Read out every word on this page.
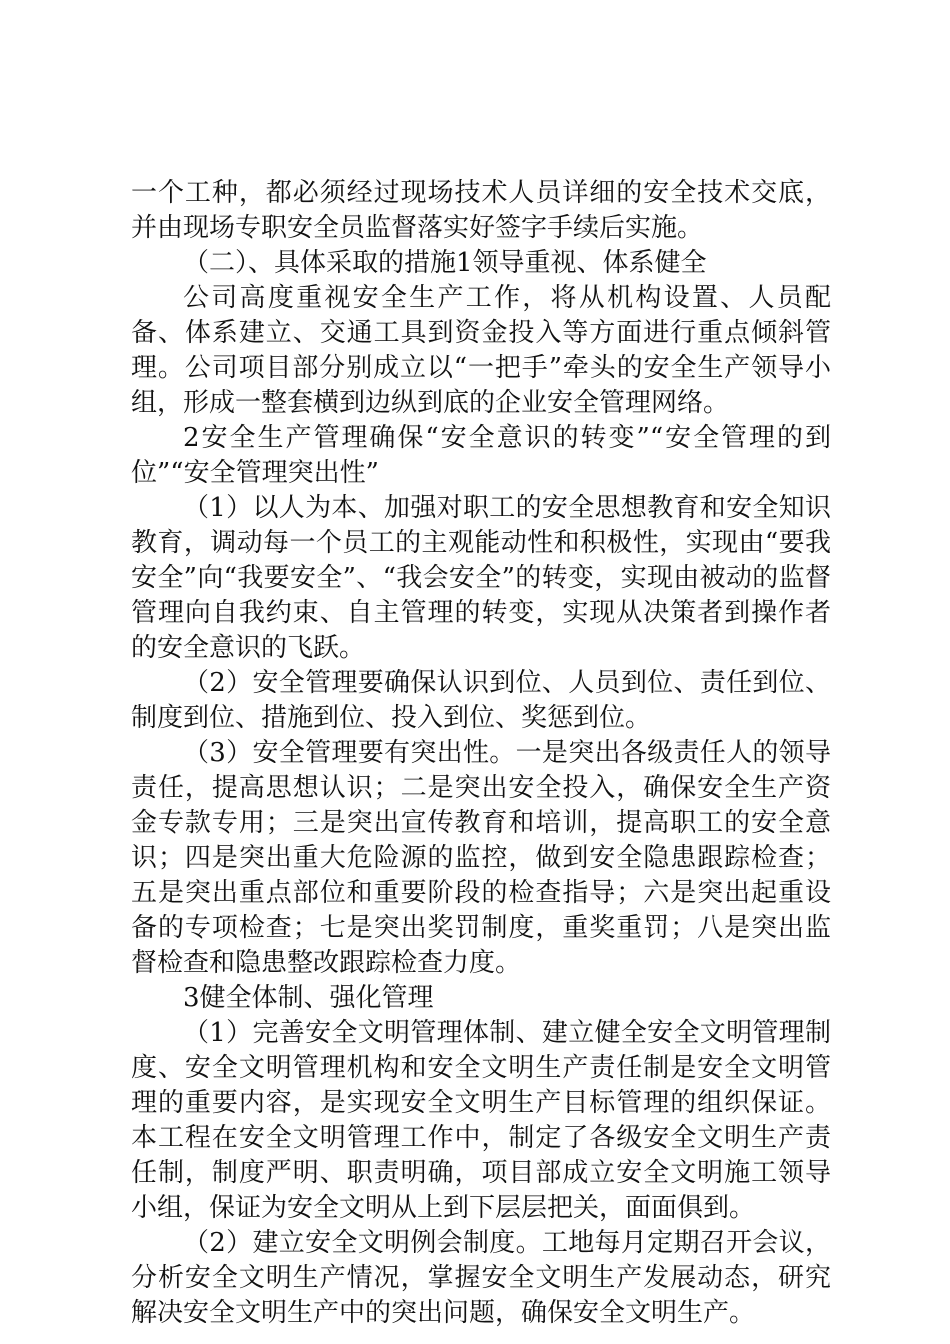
一个工种，都必须经过现场技术人员详细的安全技术交底，并由现场专职安全员监督落实好签字手续后实施。

（二）、具体采取的措施1领导重视、体系健全

公司高度重视安全生产工作，将从机构设置、人员配备、体系建立、交通工具到资金投入等方面进行重点倾斜管理。公司项目部分别成立以“一把手”牵头的安全生产领导小组，形成一整套横到边纵到底的企业安全管理网络。

2安全生产管理确保“安全意识的转变”“安全管理的到位”“安全管理突出性”

（1）以人为本、加强对职工的安全思想教育和安全知识教育，调动每一个员工的主观能动性和积极性，实现由“要我安全”向“我要安全”、“我会安全”的转变，实现由被动的监督管理向自我约束、自主管理的转变，实现从决策者到操作者的安全意识的飞跃。

（2）安全管理要确保认识到位、人员到位、责任到位、制度到位、措施到位、投入到位、奖惩到位。

（3）安全管理要有突出性。一是突出各级责任人的领导责任，提高思想认识；二是突出安全投入，确保安全生产资金专款专用；三是突出宣传教育和培训，提高职工的安全意识；四是突出重大危险源的监控，做到安全隐患跟踪检查；五是突出重点部位和重要阶段的检查指导；六是突出起重设备的专项检查；七是突出奖罚制度，重奖重罚；八是突出监督检查和隐患整改跟踪检查力度。

3健全体制、强化管理

（1）完善安全文明管理体制、建立健全安全文明管理制度、安全文明管理机构和安全文明生产责任制是安全文明管理的重要内容，是实现安全文明生产目标管理的组织保证。本工程在安全文明管理工作中，制定了各级安全文明生产责任制，制度严明、职责明确，项目部成立安全文明施工领导小组，保证为安全文明从上到下层层把关，面面俱到。

（2）建立安全文明例会制度。工地每月定期召开会议，分析安全文明生产情况，掌握安全文明生产发展动态，研究解决安全文明生产中的突出问题，确保安全文明生产。
